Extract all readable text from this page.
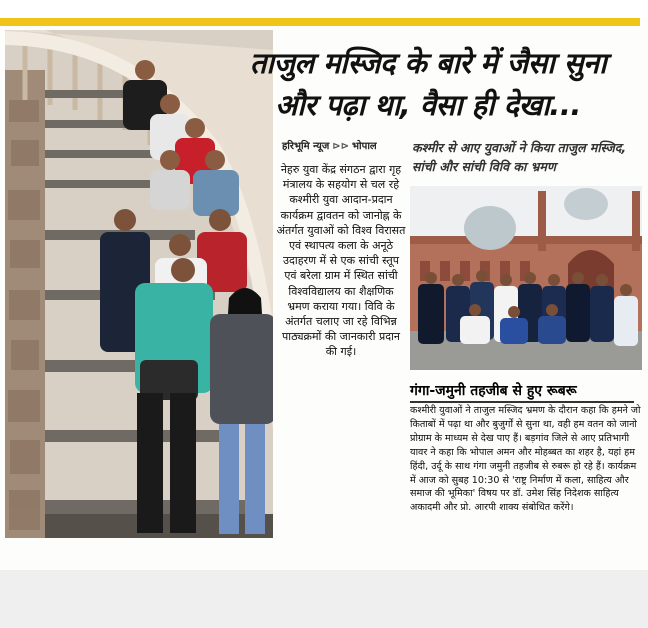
ताजुल मस्जिद के बारे में जैसा सुना
और पढ़ा था, वैसा ही देखा...
हरिभूमि न्यूज ⊳⊳ भोपाल
नेहरु युवा केंद्र संगठन द्वारा गृह मंत्रालय के सहयोग से चल रहे कश्मीरी युवा आदान-प्रदान कार्यक्रम द्वावतन को जानोह्न के अंतर्गत युवाओं को विश्व विरासत एवं स्थापत्य कला के अनूठे उदाहरण में से एक सांची स्तूप एवं बरेला ग्राम में स्थित सांची विश्वविद्यालय का शैक्षणिक भ्रमण कराया गया। विवि के अंतर्गत चलाए जा रहे विभिन्न पाठ्यक्रमों की जानकारी प्रदान की गई।
कश्मीर से आए युवाओं ने किया ताजुल मस्जिद, सांची और सांची विवि का भ्रमण
गंगा-जमुनी तहजीब से हुए रूबरू
कश्मीरी युवाओं ने ताजुल मस्जिद भ्रमण के दौरान कहा कि हमने जो किताबों में पढ़ा था और बुजुर्गों से सुना था, वही हम वतन को जानो प्रोग्राम के माध्यम से देख पाए हैं। बड़गांव जिले से आए प्रतिभागी यावर ने कहा कि भोपाल अमन और मोहब्बत का शहर है, यहां हम हिंदी, उर्दू के साथ गंगा जमुनी तहजीब से रुबरू हो रहे हैं। कार्यक्रम में आज को सुबह 10:30 से 'राष्ट्र निर्माण में कला, साहित्य और समाज की भूमिका' विषय पर डॉ. उमेश सिंह निदेशक साहित्य अकादमी और प्रो. आरपी शाक्य संबोधित करेंगे।
